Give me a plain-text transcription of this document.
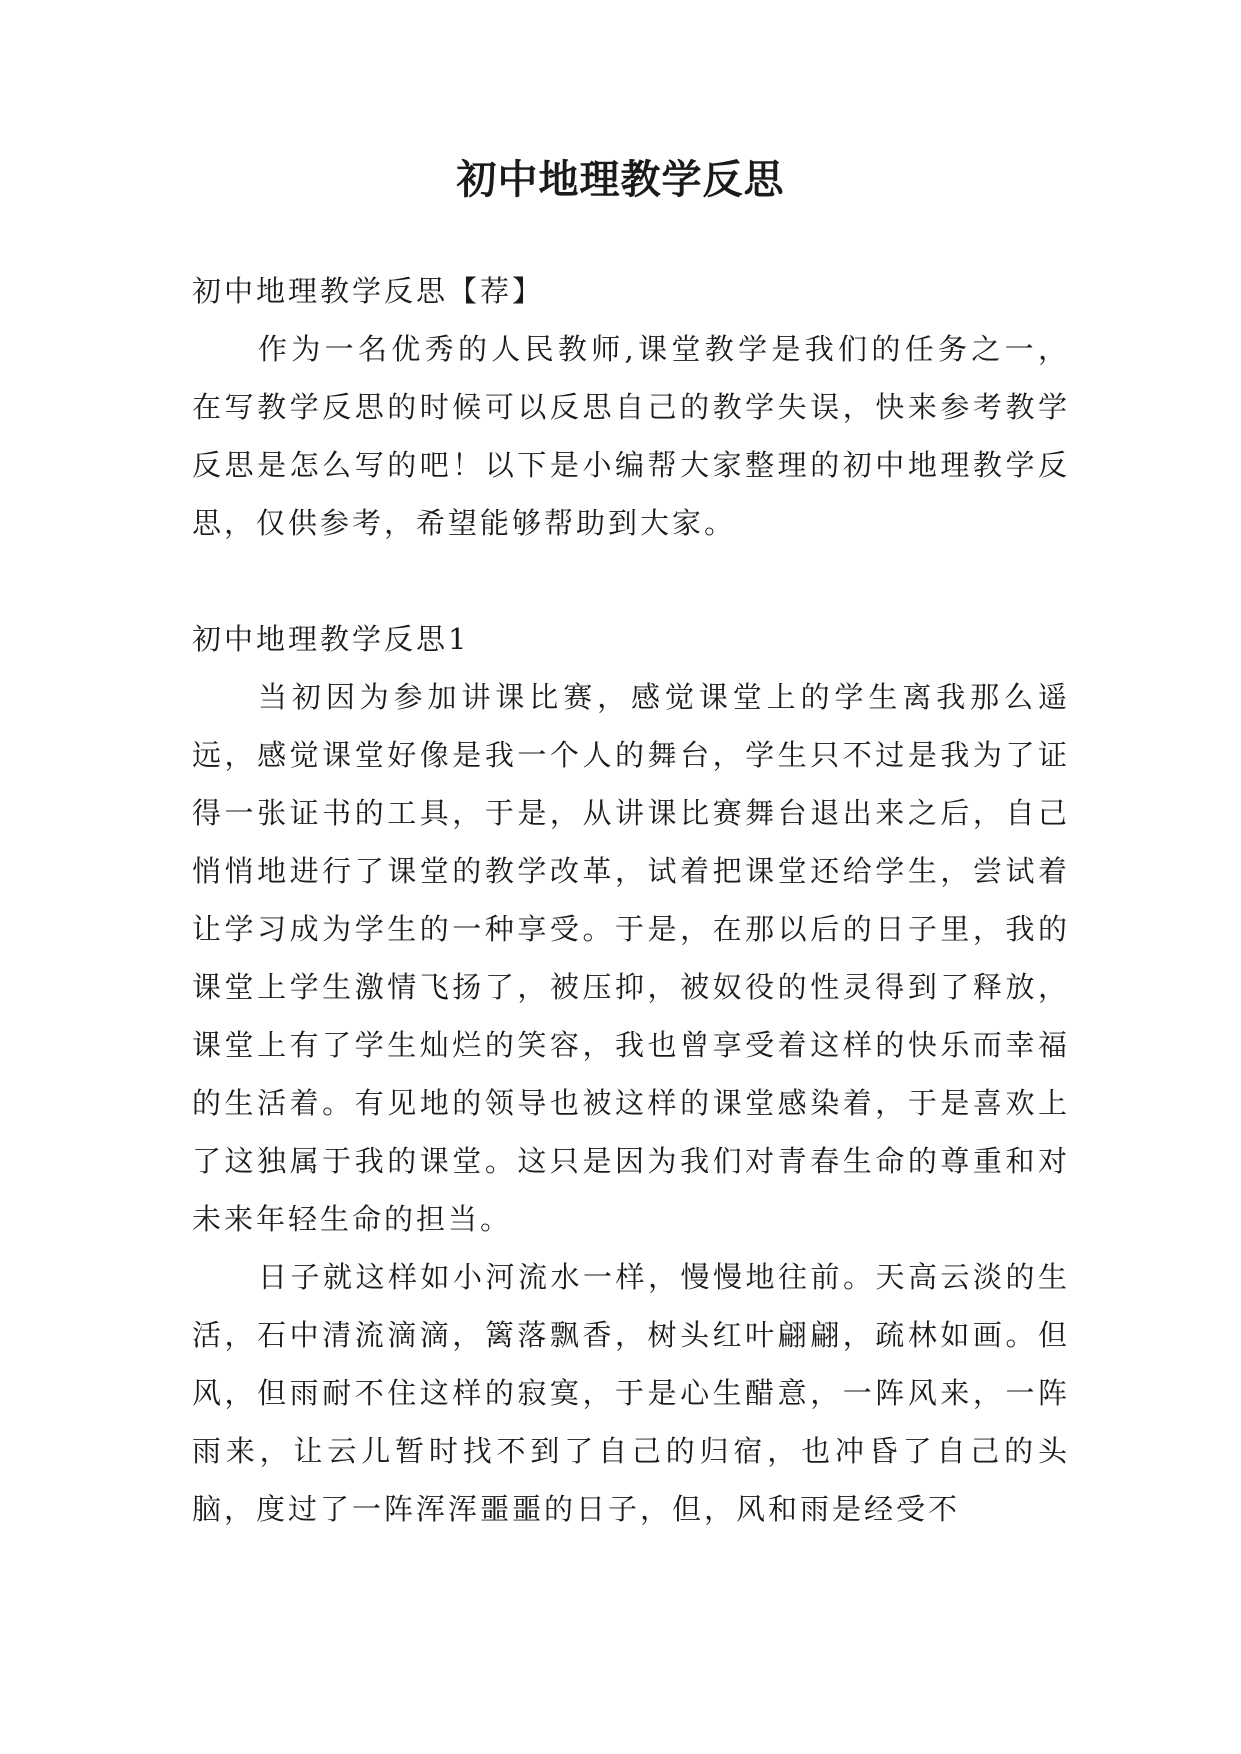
初中地理教学反思
初中地理教学反思【荐】

作为一名优秀的人民教师,课堂教学是我们的任务之一，在写教学反思的时候可以反思自己的教学失误，快来参考教学反思是怎么写的吧！以下是小编帮大家整理的初中地理教学反思，仅供参考，希望能够帮助到大家。

初中地理教学反思1

当初因为参加讲课比赛，感觉课堂上的学生离我那么遥远，感觉课堂好像是我一个人的舞台，学生只不过是我为了证得一张证书的工具，于是，从讲课比赛舞台退出来之后，自己悄悄地进行了课堂的教学改革，试着把课堂还给学生，尝试着让学习成为学生的一种享受。于是，在那以后的日子里，我的课堂上学生激情飞扬了，被压抑，被奴役的性灵得到了释放，课堂上有了学生灿烂的笑容，我也曾享受着这样的快乐而幸福的生活着。有见地的领导也被这样的课堂感染着，于是喜欢上了这独属于我的课堂。这只是因为我们对青春生命的尊重和对未来年轻生命的担当。

日子就这样如小河流水一样，慢慢地往前。天高云淡的生活，石中清流滴滴，篱落飘香，树头红叶翩翩，疏林如画。但风，但雨耐不住这样的寂寞，于是心生醋意，一阵风来，一阵雨来，让云儿暂时找不到了自己的归宿，也冲昏了自己的头脑，度过了一阵浑浑噩噩的日子，但，风和雨是经受不
